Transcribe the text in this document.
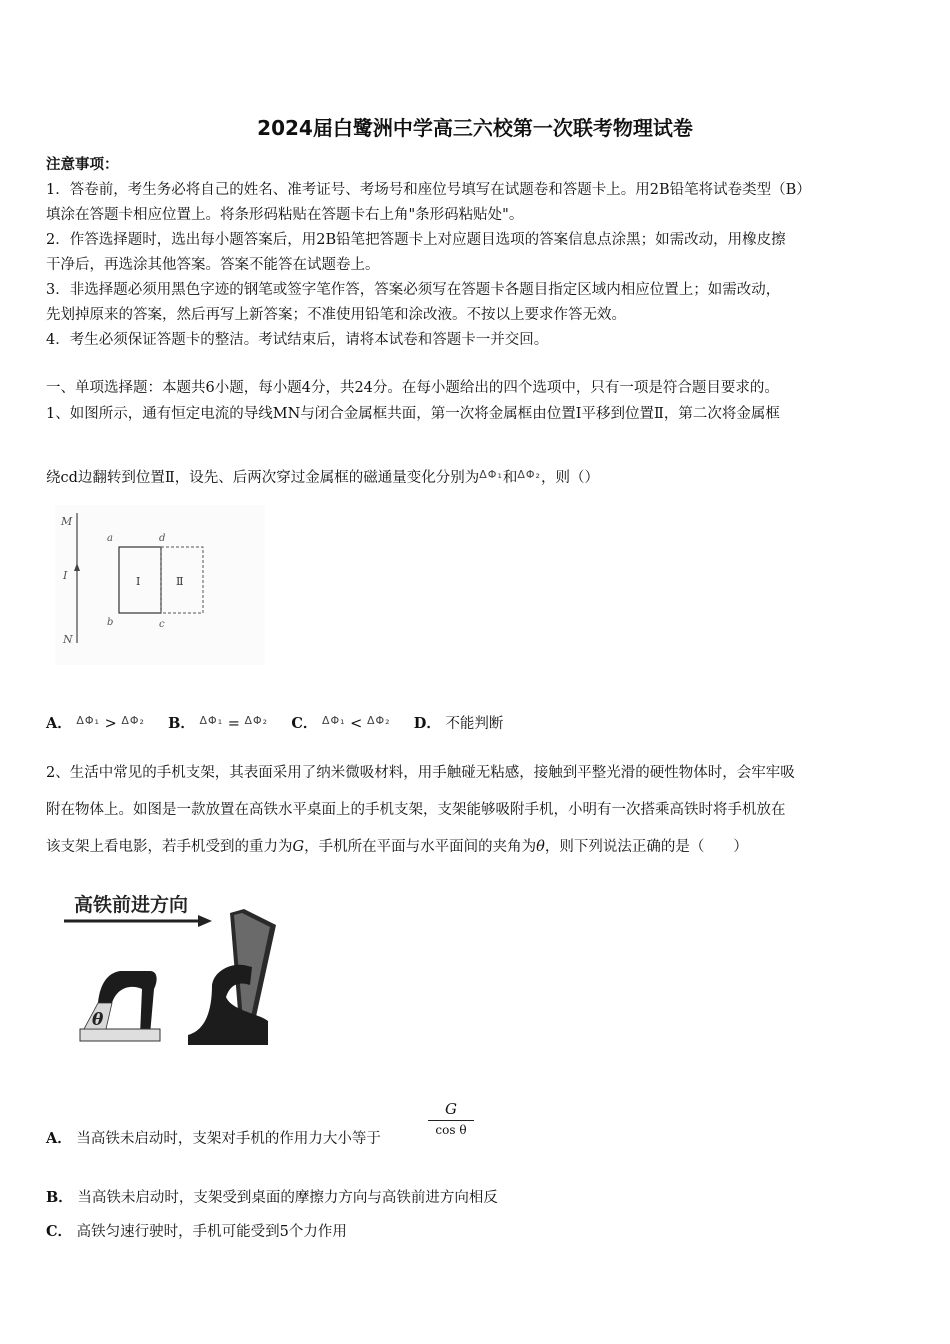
2024届白鹭洲中学高三六校第一次联考物理试卷
注意事项：
1．答卷前，考生务必将自己的姓名、准考证号、考场号和座位号填写在试题卷和答题卡上。用2B铅笔将试卷类型（B）
填涂在答题卡相应位置上。将条形码粘贴在答题卡右上角"条形码粘贴处"。
2．作答选择题时，选出每小题答案后，用2B铅笔把答题卡上对应题目选项的答案信息点涂黑；如需改动，用橡皮擦
干净后，再选涂其他答案。答案不能答在试题卷上。
3．非选择题必须用黑色字迹的钢笔或签字笔作答，答案必须写在答题卡各题目指定区域内相应位置上；如需改动，
先划掉原来的答案，然后再写上新答案；不准使用铅笔和涂改液。不按以上要求作答无效。
4．考生必须保证答题卡的整洁。考试结束后，请将本试卷和答题卡一并交回。
一、单项选择题：本题共6小题，每小题4分，共24分。在每小题给出的四个选项中，只有一项是符合题目要求的。
1、如图所示，通有恒定电流的导线MN与闭合金属框共面，第一次将金属框由位置Ⅰ平移到位置Ⅱ，第二次将金属框
绕cd边翻转到位置Ⅱ，设先、后两次穿过金属框的磁通量变化分别为ΔΦ₁和ΔΦ₂，则（）
M
I
N
a	d
b	c
Ⅰ	Ⅱ
A． ΔΦ₁ > ΔΦ₂ B． ΔΦ₁ = ΔΦ₂ C． ΔΦ₁ < ΔΦ₂ D． 不能判断
2、生活中常见的手机支架，其表面采用了纳米微吸材料，用手触碰无粘感，接触到平整光滑的硬性物体时，会牢牢吸
附在物体上。如图是一款放置在高铁水平桌面上的手机支架，支架能够吸附手机，小明有一次搭乘高铁时将手机放在
该支架上看电影，若手机受到的重力为G，手机所在平面与水平面间的夹角为θ，则下列说法正确的是（　　）
高铁前进方向
θ
A． 当高铁未启动时，支架对手机的作用力大小等于
G
cos θ
B． 当高铁未启动时，支架受到桌面的摩擦力方向与高铁前进方向相反
C． 高铁匀速行驶时，手机可能受到5个力作用
